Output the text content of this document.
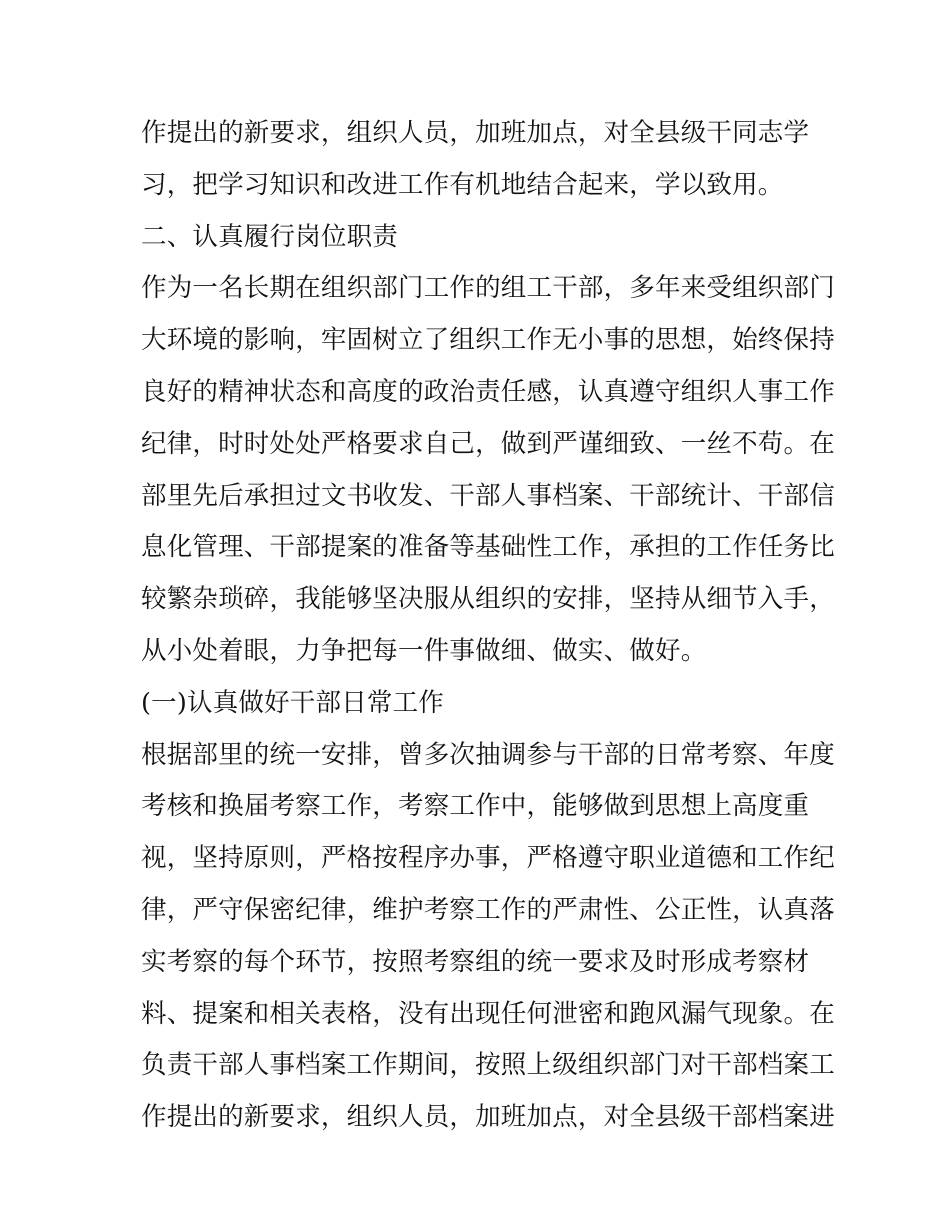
作提出的新要求，组织人员，加班加点，对全县级干同志学
习，把学习知识和改进工作有机地结合起来，学以致用。
二、认真履行岗位职责
作为一名长期在组织部门工作的组工干部，多年来受组织部门
大环境的影响，牢固树立了组织工作无小事的思想，始终保持
良好的精神状态和高度的政治责任感，认真遵守组织人事工作
纪律，时时处处严格要求自己，做到严谨细致、一丝不苟。在
部里先后承担过文书收发、干部人事档案、干部统计、干部信
息化管理、干部提案的准备等基础性工作，承担的工作任务比
较繁杂琐碎，我能够坚决服从组织的安排，坚持从细节入手，
从小处着眼，力争把每一件事做细、做实、做好。
(一)认真做好干部日常工作
根据部里的统一安排，曾多次抽调参与干部的日常考察、年度
考核和换届考察工作，考察工作中，能够做到思想上高度重
视，坚持原则，严格按程序办事，严格遵守职业道德和工作纪
律，严守保密纪律，维护考察工作的严肃性、公正性，认真落
实考察的每个环节，按照考察组的统一要求及时形成考察材
料、提案和相关表格，没有出现任何泄密和跑风漏气现象。在
负责干部人事档案工作期间，按照上级组织部门对干部档案工
作提出的新要求，组织人员，加班加点，对全县级干部档案进
